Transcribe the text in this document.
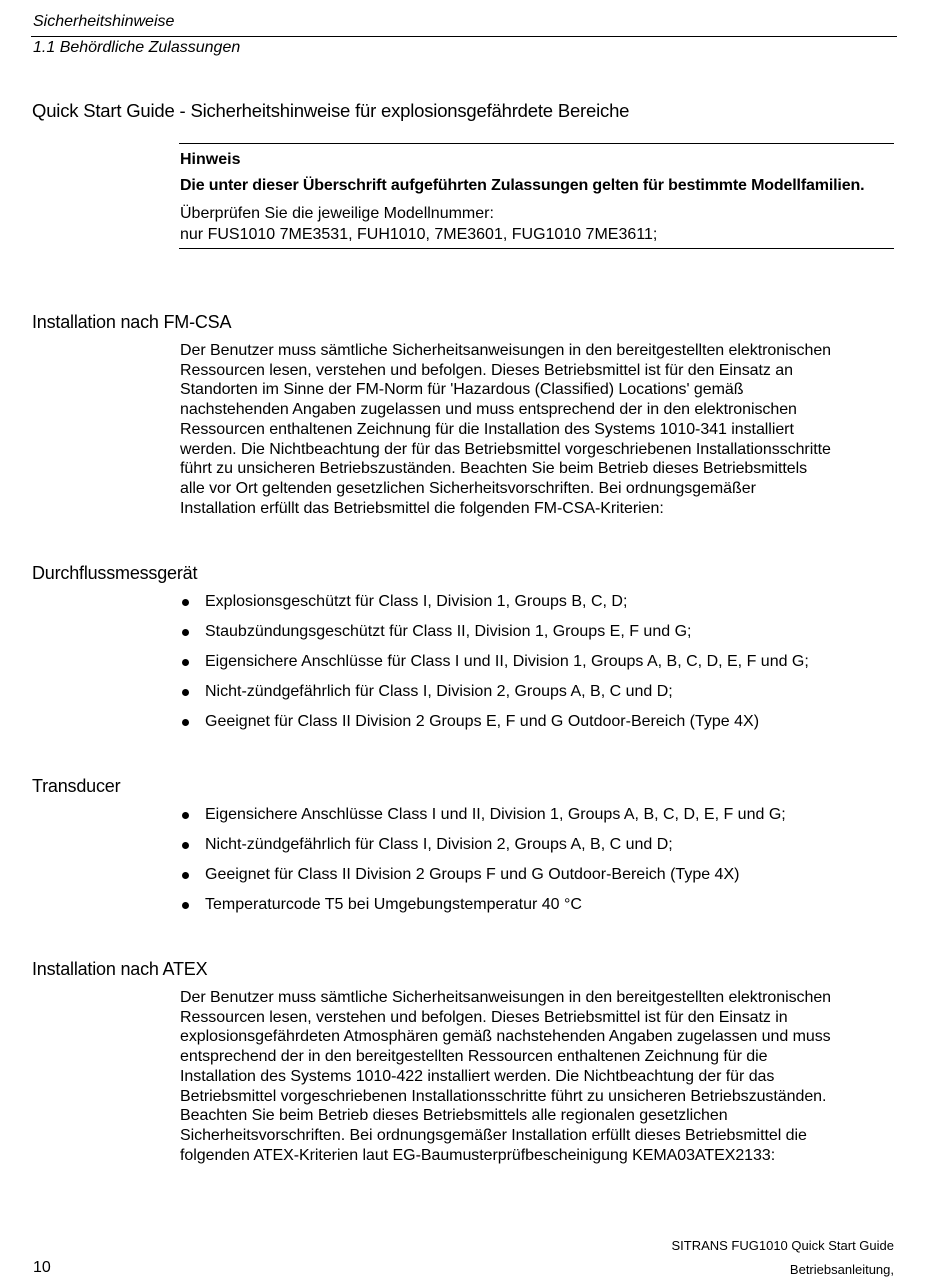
Sicherheitshinweise
1.1 Behördliche Zulassungen
Quick Start Guide - Sicherheitshinweise für explosionsgefährdete Bereiche
Hinweis
Die unter dieser Überschrift aufgeführten Zulassungen gelten für bestimmte Modellfamilien.
Überprüfen Sie die jeweilige Modellnummer:
nur FUS1010 7ME3531, FUH1010, 7ME3601, FUG1010 7ME3611;
Installation nach FM-CSA
Der Benutzer muss sämtliche Sicherheitsanweisungen in den bereitgestellten elektronischen
Ressourcen lesen, verstehen und befolgen. Dieses Betriebsmittel ist für den Einsatz an
Standorten im Sinne der FM-Norm für 'Hazardous (Classified) Locations' gemäß
nachstehenden Angaben zugelassen und muss entsprechend der in den elektronischen
Ressourcen enthaltenen Zeichnung für die Installation des Systems 1010-341 installiert
werden. Die Nichtbeachtung der für das Betriebsmittel vorgeschriebenen Installationsschritte
führt zu unsicheren Betriebszuständen. Beachten Sie beim Betrieb dieses Betriebsmittels
alle vor Ort geltenden gesetzlichen Sicherheitsvorschriften. Bei ordnungsgemäßer
Installation erfüllt das Betriebsmittel die folgenden FM-CSA-Kriterien:
Durchflussmessgerät
Explosionsgeschützt für Class I, Division 1, Groups B, C, D;
Staubzündungsgeschützt für Class II, Division 1, Groups E, F und G;
Eigensichere Anschlüsse für Class I und II, Division 1, Groups A, B, C, D, E, F und G;
Nicht-zündgefährlich für Class I, Division 2, Groups A, B, C und D;
Geeignet für Class II Division 2 Groups E, F und G Outdoor-Bereich (Type 4X)
Transducer
Eigensichere Anschlüsse Class I und II, Division 1, Groups A, B, C, D, E, F und G;
Nicht-zündgefährlich für Class I, Division 2, Groups A, B, C und D;
Geeignet für Class II Division 2 Groups F und G Outdoor-Bereich (Type 4X)
Temperaturcode T5 bei Umgebungstemperatur 40 °C
Installation nach ATEX
Der Benutzer muss sämtliche Sicherheitsanweisungen in den bereitgestellten elektronischen
Ressourcen lesen, verstehen und befolgen. Dieses Betriebsmittel ist für den Einsatz in
explosionsgefährdeten Atmosphären gemäß nachstehenden Angaben zugelassen und muss
entsprechend der in den bereitgestellten Ressourcen enthaltenen Zeichnung für die
Installation des Systems 1010-422 installiert werden. Die Nichtbeachtung der für das
Betriebsmittel vorgeschriebenen Installationsschritte führt zu unsicheren Betriebszuständen.
Beachten Sie beim Betrieb dieses Betriebsmittels alle regionalen gesetzlichen
Sicherheitsvorschriften. Bei ordnungsgemäßer Installation erfüllt dieses Betriebsmittel die
folgenden ATEX-Kriterien laut EG-Baumusterprüfbescheinigung KEMA03ATEX2133:
SITRANS FUG1010 Quick Start Guide
10	Betriebsanleitung,
